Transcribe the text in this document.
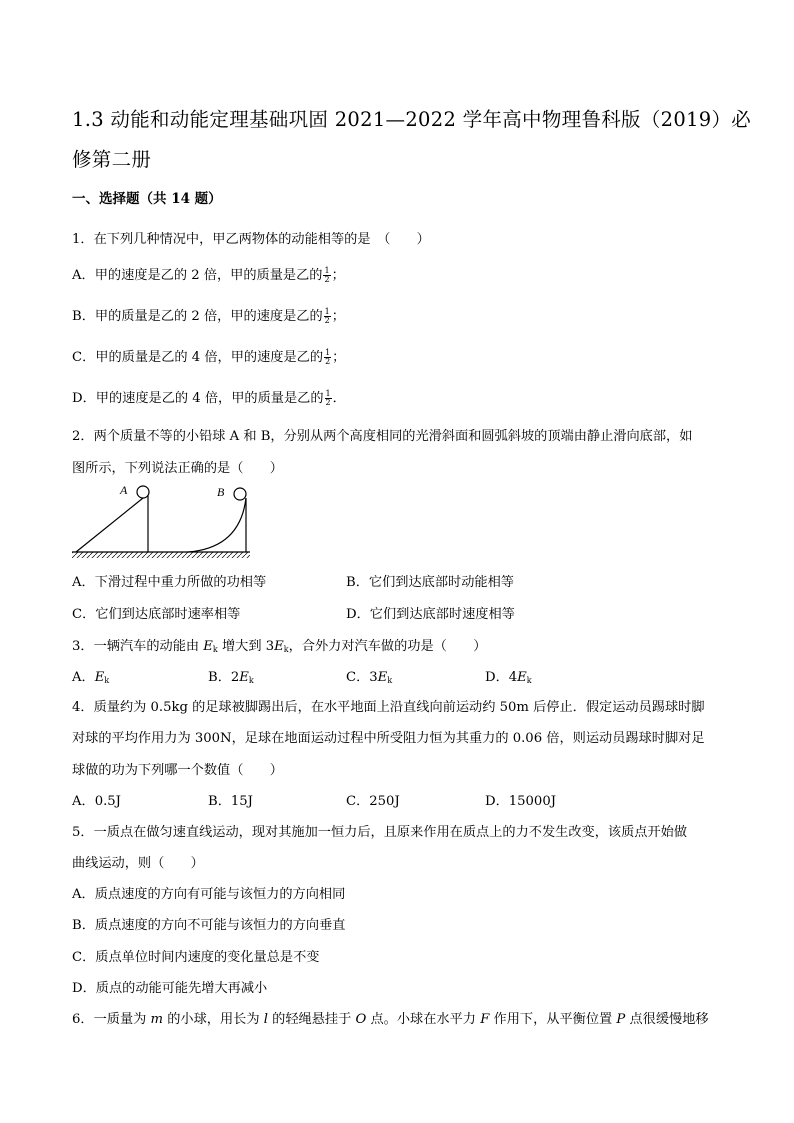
1.3 动能和动能定理基础巩固 2021—2022 学年高中物理鲁科版（2019）必修第二册
一、选择题（共 14 题）
1．在下列几种情况中，甲乙两物体的动能相等的是　（　　）
A．甲的速度是乙的 2 倍，甲的质量是乙的 $\frac{1}{2}$ ；
B．甲的质量是乙的 2 倍，甲的速度是乙的 $\frac{1}{2}$ ；
C．甲的质量是乙的 4 倍，甲的速度是乙的 $\frac{1}{2}$ ；
D．甲的速度是乙的 4 倍，甲的质量是乙的 $\frac{1}{2}$ ．
2．两个质量不等的小铅球 A 和 B，分别从两个高度相同的光滑斜面和圆弧斜坡的顶端由静止滑向底部，如
图所示，下列说法正确的是（　　）
A	B
A．下滑过程中重力所做的功相等	B．它们到达底部时动能相等
C．它们到达底部时速率相等	D．它们到达底部时速度相等
3．一辆汽车的动能由 $E_k$ 增大到 $3E_k$，合外力对汽车做的功是（　　）
A．$E_k$	B．$2E_k$	C．$3E_k$	D．$4E_k$
4．质量约为 0.5kg 的足球被脚踢出后，在水平地面上沿直线向前运动约 50m 后停止．假定运动员踢球时脚
对球的平均作用力为 300N，足球在地面运动过程中所受阻力恒为其重力的 0.06 倍，则运动员踢球时脚对足
球做的功为下列哪一个数值（　　）
A．0.5J	B．15J	C．250J	D．15000J
5．一质点在做匀速直线运动，现对其施加一恒力后，且原来作用在质点上的力不发生改变，该质点开始做
曲线运动，则（　　）
A．质点速度的方向有可能与该恒力的方向相同
B．质点速度的方向不可能与该恒力的方向垂直
C．质点单位时间内速度的变化量总是不变
D．质点的动能可能先增大再减小
6．一质量为 m 的小球，用长为 l 的轻绳悬挂于 O 点。小球在水平力 F 作用下，从平衡位置 P 点很缓慢地移
